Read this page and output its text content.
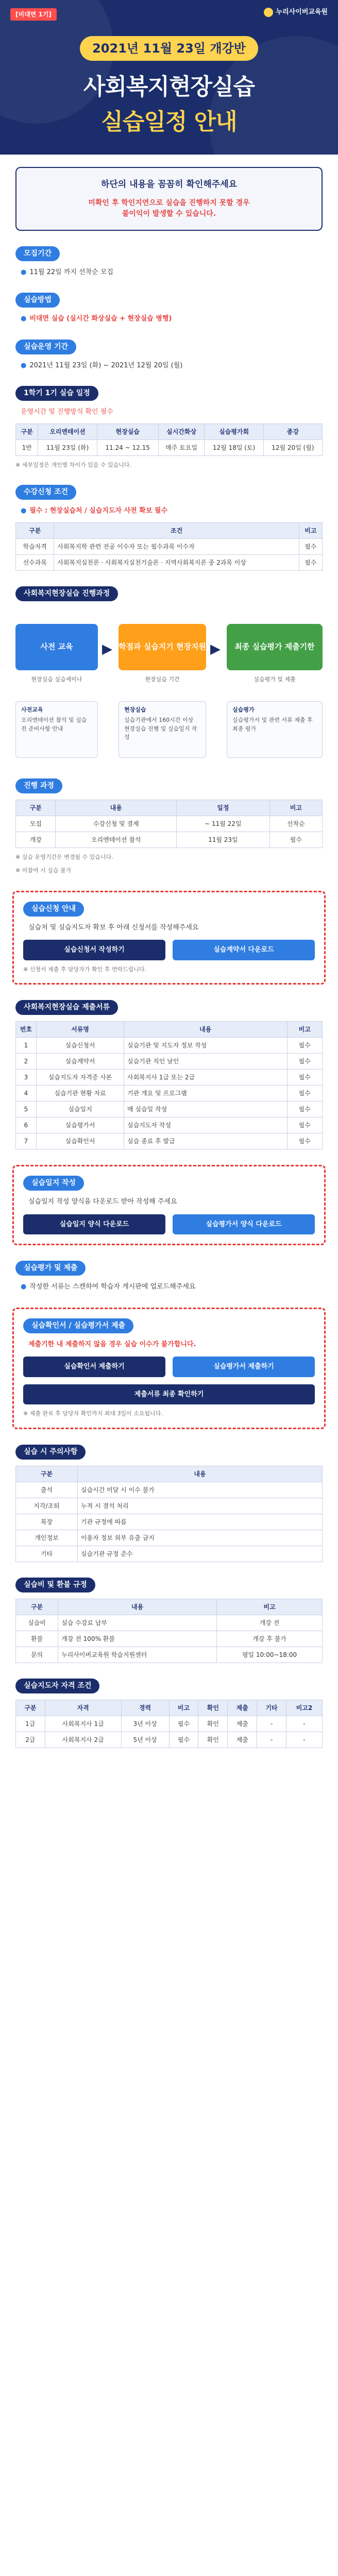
[비대면 1기]	누리사이버교육원
2021년 11월 23일 개강반
사회복지현장실습
실습일정 안내
하단의 내용을 꼼꼼히 확인해주세요
미확인 후 학인지연으로 실습을 진행하지 못할 경우
불이익이 발생할 수 있습니다.
모집기간
● 11월 22일 까지 선착순 모집
실습방법
● 비대면 실습 (실시간 화상실습 + 현장실습 병행)
실습운영 기간
● 2021년 11월 23일 (화) ~ 2021년 12월 20일 (월)
1학기 1기 실습 일정
운영시간 및 진행방식 확인 필수
구분	오리엔테이션	현장실습	실시간화상	실습평가회	종강
1반	11월 23일 (화)	11.24 ~ 12.15	매주 토요일	12월 18일 (토)	12월 20일 (월)
※ 세부일정은 개인별 차이가 있을 수 있습니다.
수강신청 조건
● 필수 : 현장실습처 / 실습지도자 사전 확보 필수
구분	조건	비고
학습자격	사회복지학 관련 전공 이수자 또는 필수과목 이수자	필수
선수과목	사회복지실천론 · 사회복지실천기술론 · 지역사회복지론 중 2과목 이상	필수
사회복지현장실습 진행과정
사전 교육	▶ 학점과 실습지기 현장지원 ▶	최종 실습평가 제출기한
현장실습 실습세미나	현장실습 기간	실습평가 및 제출
사전교육
오리엔테이션 참석 및 실습 전 준비사항 안내
현장실습
실습기관에서 160시간 이상 현장실습 진행 및 실습일지 작성
실습평가
실습평가서 및 관련 서류 제출 후 최종 평가
진행 과정
구분	내용	일정	비고
모집	수강신청 및 결제	~ 11월 22일	선착순
개강	오리엔테이션 참석	11월 23일	필수
※ 실습 운영기간은 변경될 수 있습니다.
※ 미참여 시 실습 불가
실습신청 안내
실습처 및 실습지도자 확보 후 아래 신청서를 작성해주세요
실습신청서 작성하기	실습계약서 다운로드
※ 신청서 제출 후 담당자가 확인 후 연락드립니다.
사회복지현장실습 제출서류
번호	서류명	내용	비고
1	실습신청서	실습기관 및 지도자 정보 작성	필수
2	실습계약서	실습기관 직인 날인	필수
3	실습지도자 자격증 사본	사회복지사 1급 또는 2급	필수
4	실습기관 현황 자료	기관 개요 및 프로그램	필수
5	실습일지	매 실습일 작성	필수
6	실습평가서	실습지도자 작성	필수
7	실습확인서	실습 종료 후 발급	필수
실습일지 작성
실습일지 작성 양식을 다운로드 받아 작성해 주세요
실습일지 양식 다운로드	실습평가서 양식 다운로드
실습평가 및 제출
● 작성한 서류는 스캔하여 학습자 게시판에 업로드해주세요
실습확인서 / 실습평가서 제출
제출기한 내 제출하지 않을 경우 실습 이수가 불가합니다.
실습확인서 제출하기	실습평가서 제출하기
제출서류 최종 확인하기
※ 제출 완료 후 담당자 확인까지 최대 3일이 소요됩니다.
실습 시 주의사항
구분	내용
출석	실습시간 미달 시 이수 불가
지각/조퇴	누적 시 결석 처리
복장	기관 규정에 따름
개인정보	이용자 정보 외부 유출 금지
기타	실습기관 규정 준수
실습비 및 환불 규정
구분	내용	비고
실습비	실습 수강료 납부	개강 전
환불	개강 전 100% 환불	개강 후 불가
문의	누리사이버교육원 학습지원센터	평일 10:00~18:00
실습지도자 자격 조건
구분	자격	경력	비고	확인	제출	기타	비고2
1급	사회복지사 1급	3년 이상	필수	확인	제출	-	-
2급	사회복지사 2급	5년 이상	필수	확인	제출	-	-
